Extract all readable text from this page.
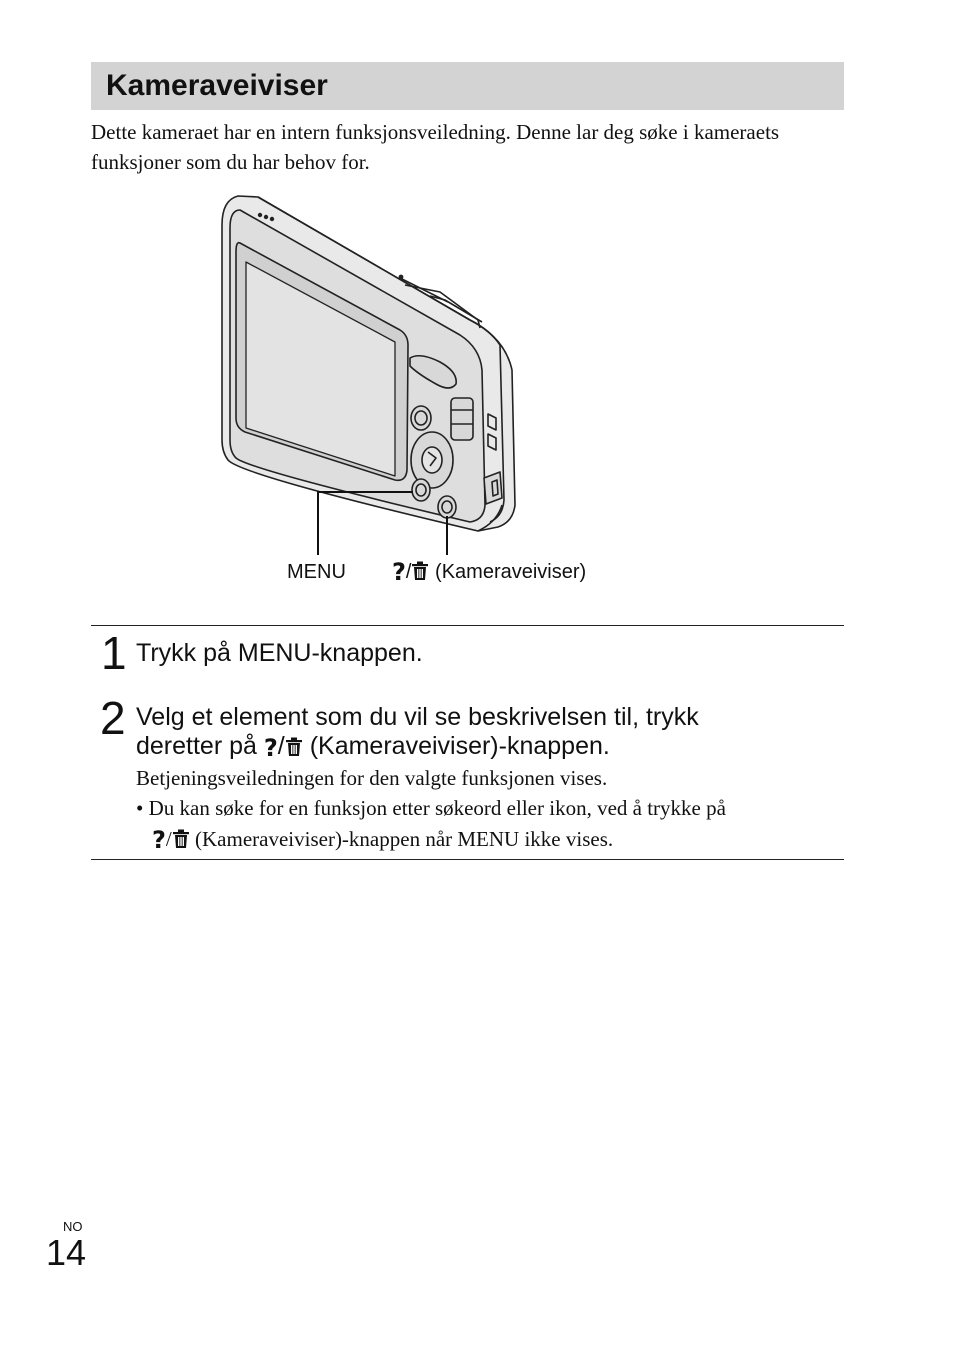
Kameraveiviser

Dette kameraet har en intern funksjonsveiledning. Denne lar deg søke i kameraets funksjoner som du har behov for.

MENU ?/ (Kameraveiviser)
1 Trykk på MENU-knappen.

2 Velg et element som du vil se beskrivelsen til, trykk

deretter på ?/ (Kameraveiviser)-knappen.

Betjeningsveiledningen for den valgte funksjonen vises.

• Du kan søke for en funksjon etter søkeord eller ikon, ved å trykke på

?/ (Kameraveiviser)-knappen når MENU ikke vises.

NO
14
